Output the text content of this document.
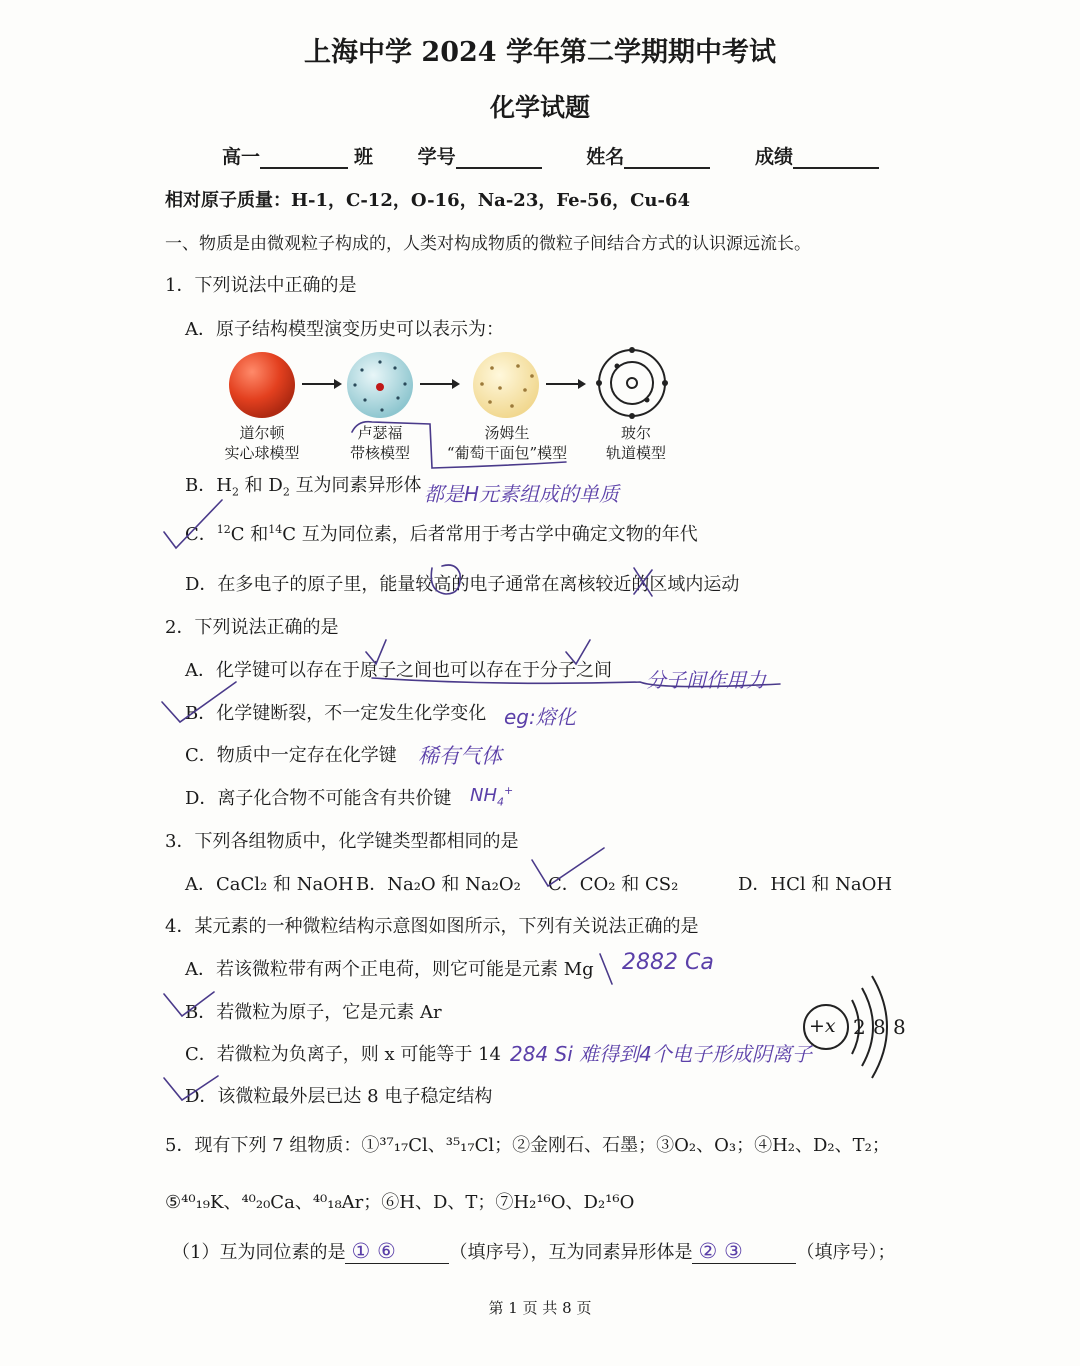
上海中学 2024 学年第二学期期中考试
化学试题
高一	班 学号	姓名	成绩
相对原子质量：H-1，C-12，O-16，Na-23，Fe-56，Cu-64
一、物质是由微观粒子构成的，人类对构成物质的微粒子间结合方式的认识源远流长。
1．下列说法中正确的是
A．原子结构模型演变历史可以表示为：
道尔顿
实心球模型
卢瑟福
带核模型
汤姆生
“葡萄干面包”模型
玻尔
轨道模型
B．$H_2$ 和 $D_2$ 互为同素异形体 都是H元素组成的单质
C．$^{12}$C 和$^{14}$C 互为同位素，后者常用于考古学中确定文物的年代
D．在多电子的原子里，能量较高的电子通常在离核较近的区域内运动
2．下列说法正确的是
A．化学键可以存在于原子之间也可以存在于分子之间 分子间作用力
B．化学键断裂，不一定发生化学变化 eg:熔化
C．物质中一定存在化学键 稀有气体
D．离子化合物不可能含有共价键 $NH_4^+$
3．下列各组物质中，化学键类型都相同的是
A．CaCl₂ 和 NaOH B．Na₂O 和 Na₂O₂ C．CO₂ 和 CS₂	D．HCl 和 NaOH
4．某元素的一种微粒结构示意图如图所示，下列有关说法正确的是
A．若该微粒带有两个正电荷，则它可能是元素 Mg 2882 Ca
B．若微粒为原子，它是元素 Ar
C．若微粒为负离子，则 x 可能等于 14 284 Si 难得到4个电子形成阴离子
D．该微粒最外层已达 8 电子稳定结构
+x 2 8 8
5．现有下列 7 组物质：①³⁷₁₇Cl、³⁵₁₇Cl；②金刚石、石墨；③O₂、O₃；④H₂、D₂、T₂；
⑤⁴⁰₁₉K、⁴⁰₂₀Ca、⁴⁰₁₈Ar；⑥H、D、T；⑦H₂¹⁶O、D₂¹⁶O
（1）互为同位素的是 ① ⑥	（填序号），互为同素异形体是 ② ③	（填序号）；
第 1 页 共 8 页
